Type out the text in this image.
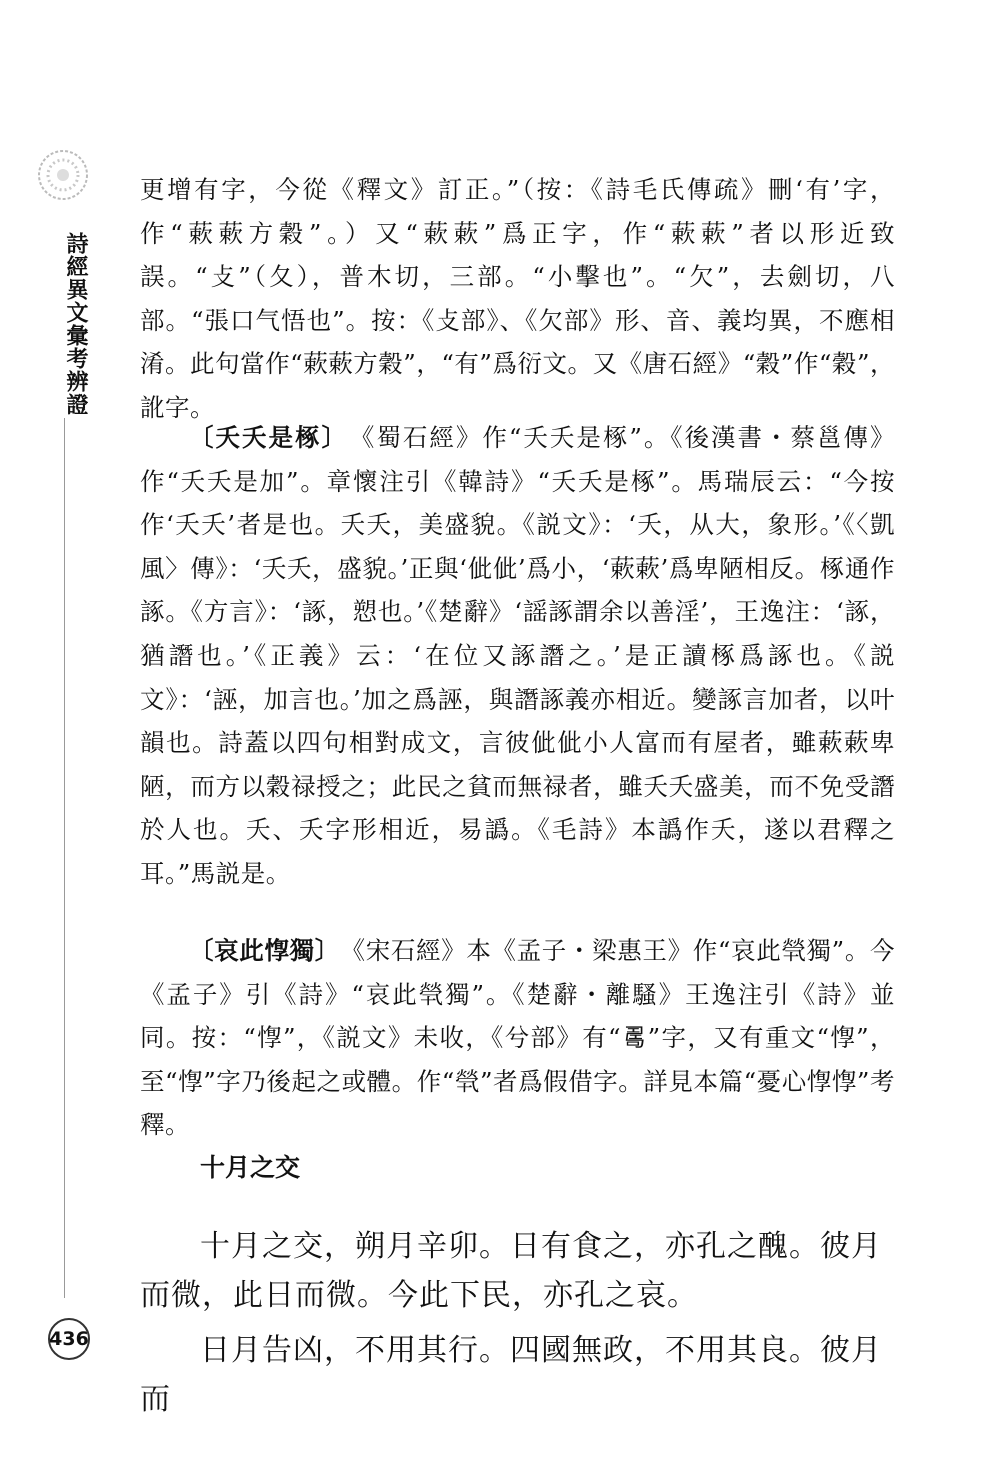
詩經異文彙考辨證
436

更增有字，今從《釋文》訂正。”（按：《詩毛氏傳疏》刪‘有’字，作“蔌蔌方穀”。）又“蔌蔌”爲正字，作“蔌蔌”者以形近致誤。“攴”（夂），普木切，三部。“小擊也”。“欠”，去劍切，八部。“張口气悟也”。按：《攴部》、《欠部》形、音、義均異，不應相淆。此句當作“蔌蔌方穀”，“有”爲衍文。又《唐石經》“穀”作“穀”，訛字。

〔夭夭是椓〕　《蜀石經》作“夭夭是椓”。《後漢書・蔡邕傳》作“夭夭是加”。章懷注引《韓詩》“夭夭是椓”。馬瑞辰云：“今按作‘夭夭’者是也。夭夭，美盛貌。《説文》：‘夭，从大，象形。’《〈凱風〉傳》：‘夭夭，盛貌。’正與‘佌佌’爲小，‘蔌蔌’爲卑陋相反。椓通作諑。《方言》：‘諑，愬也。’《楚辭》‘謡諑謂余以善淫’，王逸注：‘諑，猶譖也。’《正義》云：‘在位又諑譖之。’是正讀椓爲諑也。《説文》：‘誣，加言也。’加之爲誣，與譖諑義亦相近。變諑言加者，以叶韻也。詩蓋以四句相對成文，言彼佌佌小人富而有屋者，雖蔌蔌卑陋，而方以穀禄授之；此民之貧而無禄者，雖夭夭盛美，而不免受譖於人也。夭、夭字形相近，易譌。《毛詩》本譌作夭，遂以君釋之耳。”馬説是。

〔哀此惸獨〕　《宋石經》本《孟子・梁惠王》作“哀此煢獨”。今《孟子》引《詩》“哀此煢獨”。《楚辭・離騷》王逸注引《詩》並同。按：“惸”，《説文》未收，《兮部》有“𠷎”字，又有重文“惸”，至“惸”字乃後起之或體。作“煢”者爲假借字。詳見本篇“憂心惸惸”考釋。

十月之交

十月之交，朔月辛卯。日有食之，亦孔之醜。彼月而微，此日而微。今此下民，亦孔之哀。

日月告凶，不用其行。四國無政，不用其良。彼月而
